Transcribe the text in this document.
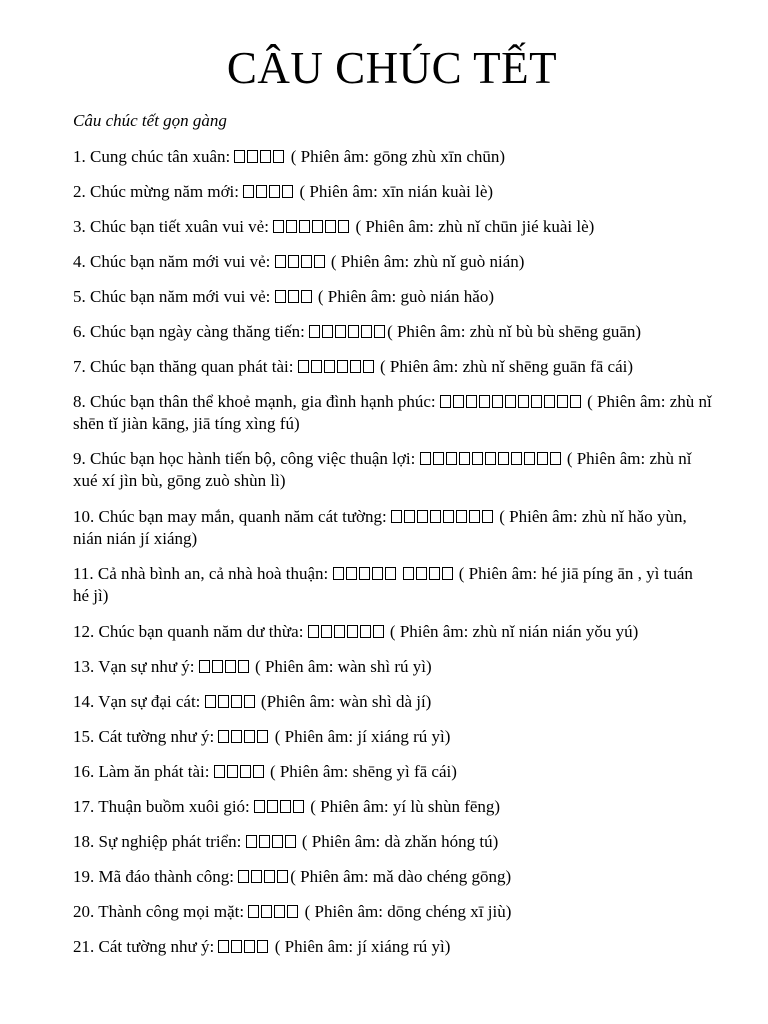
CÂU CHÚC TẾT
Câu chúc tết gọn gàng
1. Cung chúc tân xuân:	( Phiên âm: gōng zhù xīn chūn)
2. Chúc mừng năm mới:	( Phiên âm: xīn nián kuài lè)
3. Chúc bạn tiết xuân vui vẻ:	( Phiên âm: zhù nǐ chūn jié kuài lè)
4. Chúc bạn năm mới vui vẻ:	( Phiên âm: zhù nǐ guò nián)
5. Chúc bạn năm mới vui vẻ:  ( Phiên âm: guò nián hǎo)
6. Chúc bạn ngày càng thăng tiến:	( Phiên âm: zhù nǐ bù bù shēng guān)
7. Chúc bạn thăng quan phát tài:	( Phiên âm: zhù nǐ shēng guān fā cái)
8. Chúc bạn thân thể khoẻ mạnh, gia đình hạnh phúc:	( Phiên âm: zhù nǐ shēn tǐ jiàn kāng, jiā tíng xìng fú)
9. Chúc bạn học hành tiến bộ, công việc thuận lợi:	( Phiên âm: zhù nǐ xué xí jìn bù, gōng zuò shùn lì)
10. Chúc bạn may mắn, quanh năm cát tường:	( Phiên âm: zhù nǐ hǎo yùn, nián nián jí xiáng)
11. Cả nhà bình an, cả nhà hoà thuận:	( Phiên âm: hé jiā píng ān , yì tuán hé jì)
12. Chúc bạn quanh năm dư thừa:	( Phiên âm: zhù nǐ nián nián yǒu yú)
13. Vạn sự như ý:	( Phiên âm: wàn shì rú yì)
14. Vạn sự đại cát:	(Phiên âm: wàn shì dà jí)
15. Cát tường như ý:	( Phiên âm: jí xiáng rú yì)
16. Làm ăn phát tài:	( Phiên âm: shēng yì fā cái)
17. Thuận buồm xuôi gió:	( Phiên âm: yí lù shùn fēng)
18. Sự nghiệp phát triển:	( Phiên âm: dà zhǎn hóng tú)
19. Mã đáo thành công:	( Phiên âm: mǎ dào chéng gōng)
20. Thành công mọi mặt:	( Phiên âm: dōng chéng xī jiù)
21. Cát tường như ý:	( Phiên âm: jí xiáng rú yì)
